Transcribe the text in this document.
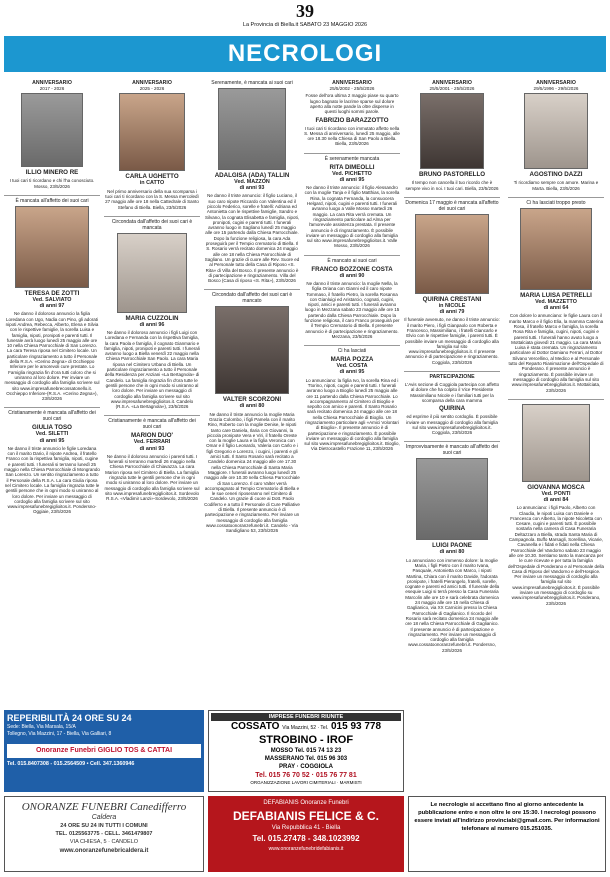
39
La Provincia di Biella.it SABATO 23 MAGGIO 2026
NECROLOGI
ANNIVERSARIO
2017 - 2026
ILLIO MINERO RE
I tuoi cari ti ricordano e chi l'ha conosciuto. Mosso, 23/5/2026
È mancata all'affetto dei suoi cari
TERESA DE ZOTTI
Ved. SALVIATO
di anni 97
Ne danno il doloroso annuncio la figlia Loredana con Ugo, Nadia con Pino, gli adorati nipoti Andrea, Rebecca, Alberto, Elena e Silvia con le rispettive famiglie, la sorella Luisa e famiglia, nipoti, pronipoti e parenti tutti. Il funerale avrà luogo lunedì 25 maggio alle ore 10 nella Chiesa Parrocchiale di San Lorenzo. La cara Teresa riposa nel Cimitero locale. Un particolare ringraziamento a tutto il Personale della R.S.A. «Cerino Zegna» di Occhieppo Inferiore per le amorevoli cure prestate. Lo Famiglia ringrazia fin d'ora tutti coloro che si uniranno al loro dolore. Per inviare un messaggio di cordoglio alla famiglia scrivere sul sito www.impresafunebrecossatonello.it. Occhieppo Inferiore-(R.S.A. «Cerino Zegna»), 23/5/2026
Cristianamente è mancata all'affetto dei suoi cari
GIULIA TOSO
Ved. SILETTI
di anni 95
Ne danno il triste annuncio le figlie Loredana con il marito Dario, il nipote Andrea, il fratello Franco con la rispettiva famiglia, nipoti, cugine e parenti tutti. I funerali si terranno lunedì 25 maggio nella Chiesa Parrocchiale di Mongrando San Lorenzo. Un sentito ringraziamento a tutto il Personale della R.S.A. La cara Giulia riposa nel Cimitero locale. La famiglia ringrazia tutte le gentili persone che in ogni modo si uniranno al loro dolore. Per inviare un messaggio di cordoglio alla famiglia scrivere sul sito www.impresafunebregiglioitos.it. Pondersno-Oggiaie, 23/5/2026
ANNIVERSARIO
2025 - 2026
CARLA UGHETTO
in CATTO
Nel primo anniversario della sua scomparsa i tuoi cari ti ricordano con la S. Messa mercoledì 27 maggio alle ore 18 nella Cattedrale di Santo Stefano di Biella. Biella, 23/5/2026
Circondata dall'affetto dei suoi cari è mancata
MARIA CUZZOLIN
di anni 96
Ne danno il doloroso annuncio i figli Luigi con Loredana e Fernanda con la rispettiva famiglia, la cara Paola e famiglia, il cognato Gianmario e famiglia, nipoti, pronipoti e parenti tutti. I funerali avranno luogo a Biella venerdì 22 maggio nella Chiesa Parrocchiale San Paolo. La cara Maria riposa nel Cimitero Urbano di Biella. Un particolare ringraziamento a tutto il Personale della Residenza per Anziani «La Bertagnola» di Candelo. La famiglia ringrazia fin d'ora tutte le gentili persone che in ogni modo si uniranno al loro dolore. Per inviare un messaggio di cordoglio alla famiglia scrivere sul sito www.impresafunebregiglioitos.it. Candelo (R.S.A. «La Bertagnola»), 23/5/2026
Cristianamente è mancata all'affetto dei suoi cari
MARION DUO'
Ved. FERRARI
di anni 93
Ne danno il doloroso annuncio i parenti tutti. I funerali si terranno martedì 26 maggio nella Chiesa Parrocchiale di Chiavazza. La cara Marion riposa nel Cimitero di Biella. La famiglia ringrazia tutte le gentili persone che in ogni modo si uniranno al loro dolore. Per inviare un messaggio di cordoglio alla famiglia scrivere sul sito www.impresafunebregiglioitos.it. Sordevolo R.S.A. «Vladimir Lanzi»-Sordevolo, 23/5/2026
Serenamente, è mancata ai suoi cari
ADALGISA (ADA) TALLIN
Ved. MAZZON
di anni 93
Ne danno il triste annuncio: il figlio Luciano, il suo caro nipote Riccardo con Valentina ed il piccolo Federico, sorelle e fratelli: Adriana ed Antonietta con le rispettive famiglie, Sandro e Silvano, la cognata Elisabetta e famiglia, nipoti, pronipoti, cugini e parenti tutti. I funerali avranno luogo in Sagliano lunedì 25 maggio alle ore 15 partendo dalla Chiesa Parrocchiale. Dopo la funzione religiosa, la cara Ada proseguirà per il Tempio crematorio di Biella. Il S. Rosario verrà recitato domenica 24 maggio alle ore 18 nella Chiesa Parrocchiale di Sagliano. Un grazie di cuore alle Rev. Suore ed al Personale tutto della Casa di Riposo «S. Rita» di Villa del Bosco. Il presente annuncio è di partecipazione e ringraziamento. Villa del Bosco (Casa di riposo «S. Rita»), 23/5/2026
Circondato dall'affetto dei suoi cari è mancato
VALTER SCORZONI
di anni 80
Ne danno il triste annuncio la moglie Maria Grazia Colombo, i figli Pamela con il marito Rino, Roberto con la moglie Denise, le nipoti tanto care Daniela, Ilaria con Giovanni, la piccola pronipote Vera e Viri, il fratello Oreste con la moglie Laura e la figlia Veronica con Omar e il figlio Leonardo, Valeria con Carlo e i figli Gregorio e Lorenzo, i cugini, i parenti e gli amici tutti. Il Santo Rosario sarà recitato a Candelo domenica 24 maggio alle ore 17.30 nella Chiesa Parrocchiale di Santa Maria Maggiore. I funerali avranno luogo lunedì 25 maggio alle ore 10.30 nella Chiesa Parrocchiale di San Lorenzo. Il caro Valter verrà accompagnato al Tempio Crematorio di Biella e le sue ceneri riposeranno nel Cimitero di Candelo. Un grazie di cuore ai Dott. Paolo Codiferro e a tutto il Personale di Cure Palliative di Biella. Il presente annuncio è di partecipazione e ringraziamento. Per inviare un messaggio di cordoglio alla famiglia www.cossatoonoranzefunebri.it. Candelo - Via Sandigliano 53, 23/5/2026
ANNIVERSARIO
25/5/2002 - 25/5/2026
Fosse dell'ora ultima 2 maggio piase su quarto lugno bagnato le lacrime sparse sul dolore aperto alla notte pande la oltre disperse in questi luoghi sommi parole.
FABRIZIO BARAZZOTTO
I tuoi cari ti ricordano con immutato affetto nella S. Messa di anniversario, lunedì 25 maggio, alle ore 18.30 nella Chiesa di San Paolo a Biella. Biella, 23/5/2026
È serenamente mancata
RITA DIMEOLLI
Ved. PICHETTO
di anni 95
Ne danno il triste annuncio: il figlio Alessandro con la moglie Tanja e il figlio Matthias, la sorella Rina, la cognata Fernanda, la consuocera Helgard, nipoti, cugini e parenti tutti. I funerali avranno luogo a Valle Mosso martedì 26 maggio. La cara Rita verrà cremata. Un ringraziamento particolare ad Alma per l'amorevole assistenza prestata. Il presente annuncio è di ringraziamento. È possibile inviare un messaggio di cordoglio alla famiglia sul sito www.impresafunebregiglioitos.it. Valle Mosso, 23/5/2026
È mancato ai suoi cari
FRANCO BOZZONE COSTA
di anni 90
Ne danno il triste annuncio: la moglie Nella, la figlia Oriana con Gianni ed il caro nipote Tommaso, il fratello Pietro, la sorella Rosanna con Gianluigi ed Aristarcio, cognati, cugini, nipoti, amici e parenti tutti. I funerali avranno luogo in Mezzana sabato 23 maggio alle ore 15 partendo dalla Chiesa Parrocchiale. Dopo la funzione religiosa, il caro Franco proseguirà per il Tempio Crematorio di Biella. Il presente annuncio è di partecipazione e ringraziamento. Mezzana, 23/5/2026
Ci ha lasciati
MARIA POZZA
Ved. COSTA
di anni 95
Lo annunciano: la figlia Ivo, la sorella Rina ed i Ttorino, nipoti, cugini e parenti tutti. I funerali avranno luogo a Bioglio lunedì 25 maggio alle ore 11 partendo dalla Chiesa Parrocchiale. Lo accompagnamento al Cimitero di Bioglio e sepolto con amico e parenti. Il Santo Rosario sarà recitato domenica 24 maggio alle ore 18 nella Chiesa Parrocchiale di Bioglio. Un ringraziamento particolare agli «Amici Volontari di Bioglio». Il presente annuncio è di partecipazione e ringraziamento. È possibile inviare un messaggio di cordoglio alla famiglia sul sito www.impresafunebregiglioitos.it. Bioglio, Via Dietrocastello Frazione 11, 23/5/2026
ANNIVERSARIO
25/5/2001 - 25/5/2026
BRUNO PASTORELLO
Il tempo non cancella il tuo ricordo che è sempre vivo in noi. I tuoi cari. Biella, 23/5/2026
Domenica 17 maggio è mancata all'affetto dei suoi cari
QUIRINA CRESTANI
in NICOLE
di anni 79
Il funerale avvenuto, ne danno il triste annuncio: il marito Piero, i figli Gianpaolo con Roberta e Francesco, Massimiliano, i fratelli Giancarlo e Elvio con le rispettive famiglie, i parenti tutti. È possibile inviare un messaggio di cordoglio alla famiglia sul sito www.impresafunebregiglioitos.it. Il presente annuncio è di partecipazione e ringraziamento. Coggiola, 23/5/2026
PARTECIPAZIONE
L'Avis sezione di Coggiola partecipa con affetto al dolore che ha colpito il Vice Presidente Massimiliano Nicole e i familiari tutti per la scomparsa della cara mamma
QUIRINA
ed esprime il più sentito cordoglio. È possibile inviare un messaggio di cordoglio alla famiglia sul sito www.impresafunebregiglioitos.it. Coggiola, 23/5/2026
Improvvisamente è mancato all'affetto dei suoi cari
LUIGI PAONE
di anni 80
Lo annunciano con immenso dolore: la moglie Maria, i figli Pietro con il marito Ivana, Pasquale, Antonietta con Marco, i nipoti Martina, Chiara con il marito Davide, l'adorata pronipote, i fratelli Pierangelo, fratelli, sorelle, cognate e parenti ed amici tutti. Il funerale della esequie Luigi si terrà presso la Casa Funeraria Marcolin alle ore 10 e sarà celebrata domenica 24 maggio alle ore 15 nella Chiesa di Gaglianico, via XX Carnicini presso la Chiesa Parrocchiale di Gaglianico. Il ricordo del Rosario sarà recitato domenica 24 maggio alle ore 18 nella Chiesa Parrocchiale di Gaglianico. Il presente annuncio è di partecipazione e ringraziamento. Per inviare un messaggio di cordoglio alla famiglia www.cossatoonoranzefunebri.it. Pondersno, 23/5/2026
ANNIVERSARIO
29/5/1996 - 29/5/2026
AGOSTINO DAZZI
Ti ricordiamo sempre con amore. Marina e Marta. Biella, 23/5/2026
Ci ha lasciati troppo presto
MARIA LUISA PETRELLI
Ved. MAZZETTO
di anni 64
Con dolore lo annunciano: le figlie Laura con il marito Marco e il figlio Elia, la mamma Caterina Rosa, il fratello Marco e famiglia, la sorella Rosa Rita e famiglia, cugini, nipoti, cugini e parenti tutti. I funerali hanno avuto luogo a Mottalciata giovedì 21 maggio. La cara Maria Luisa è stata cremata. Un ringraziamento particolare al Dottor Damiano Ferrari, al Dottor Silvano Vercellino, al Medico e al Personale tutto del Reparto Rianimazione dell'Ospedale di Ponderano. Il presente annuncio è ringraziamento. È possibile inviare un messaggio di cordoglio alla famiglia sul sito www.impresafunebregiglioitos.it. Mottalciata, 23/5/2026
GIOVANNA MOSCA
Ved. PONTI
di anni 84
Lo annunciano: i figli Paolo, Alberto con Claudia, le nipoti Luisa con Daniele e Francesca con Alberto, la nipote Nicoletta con Cesare, cugini e parenti tutti. È possibile sostarla nella camera di Casa Funeraria Deltazzaro a Biella, strada Santa Maria di Campagnola. Buffo Marsagli, Sorellina, Vicarie, Cavanella e i fidati e fidati nella Chiesa Parrocchiale del Vandorno sabato 23 maggio alle ore 10.30. Sentiamo tanto la mancanza per le cure ricevute e per tutta la famiglia dell'Ospedale di Ponderano e al Personale della Casa di Riposo del Vandorno e dell'Hospice. Per inviare un messaggio di cordoglio alla famiglia sul sito www.impresafunebregiglioitos.it. È possibile inviare un messaggio di cordoglio su www.impresafunebregiglioitos.it. Ponderano, 23/5/2026
REPERIBILITÀ 24 ORE SU 24
Sede: Biella, Via Marsala, 15/A
Tollegno, Via Mazzini, 17 - Biella, Via Galliari, 8
Onoranze Funebri GIGLIO TOS & CATTAI
Tel. 015.8407308 - 015.2564509 • Cell. 347.1360946
IMPRESE FUNEBRI RIUNITE
COSSATO Via Mazzini, 52 · Tel. 015 93 778
STROBINO - IROF
MOSSO Tel. 015 74 13 23
MASSERANO Tel. 015 96 303
PRAY · COGGIOLA
Tel. 015 76 70 52 · 015 76 77 81
ORGANIZZAZIONE LAVORI CIMITERIALI · MARMISTI
ONORANZE FUNEBRI Canedifferro
Caldera
24 ORE SU 24 IN TUTTI I COMUNI
TEL. 0125563775 - CELL. 3461479807
VIA CHIESA, 5 · CANDELO
www.onoranzefunebricaldera.it
DEFABIANIS Onoranze Funebri
DEFABIANIS FELICE & C.
Via Repubblica 41 - Biella
Tel. 015.27478 - 348.1023992
www.onoranzefunebridefabianis.it
Le necrologie si accettano fino al giorno antecedente la pubblicazione entro e non oltre le ore 15:30. I necrologi possono essere inviati all'indirizzo provinciabi@gmail.com. Per informazioni telefonare al numero 015.251035.
